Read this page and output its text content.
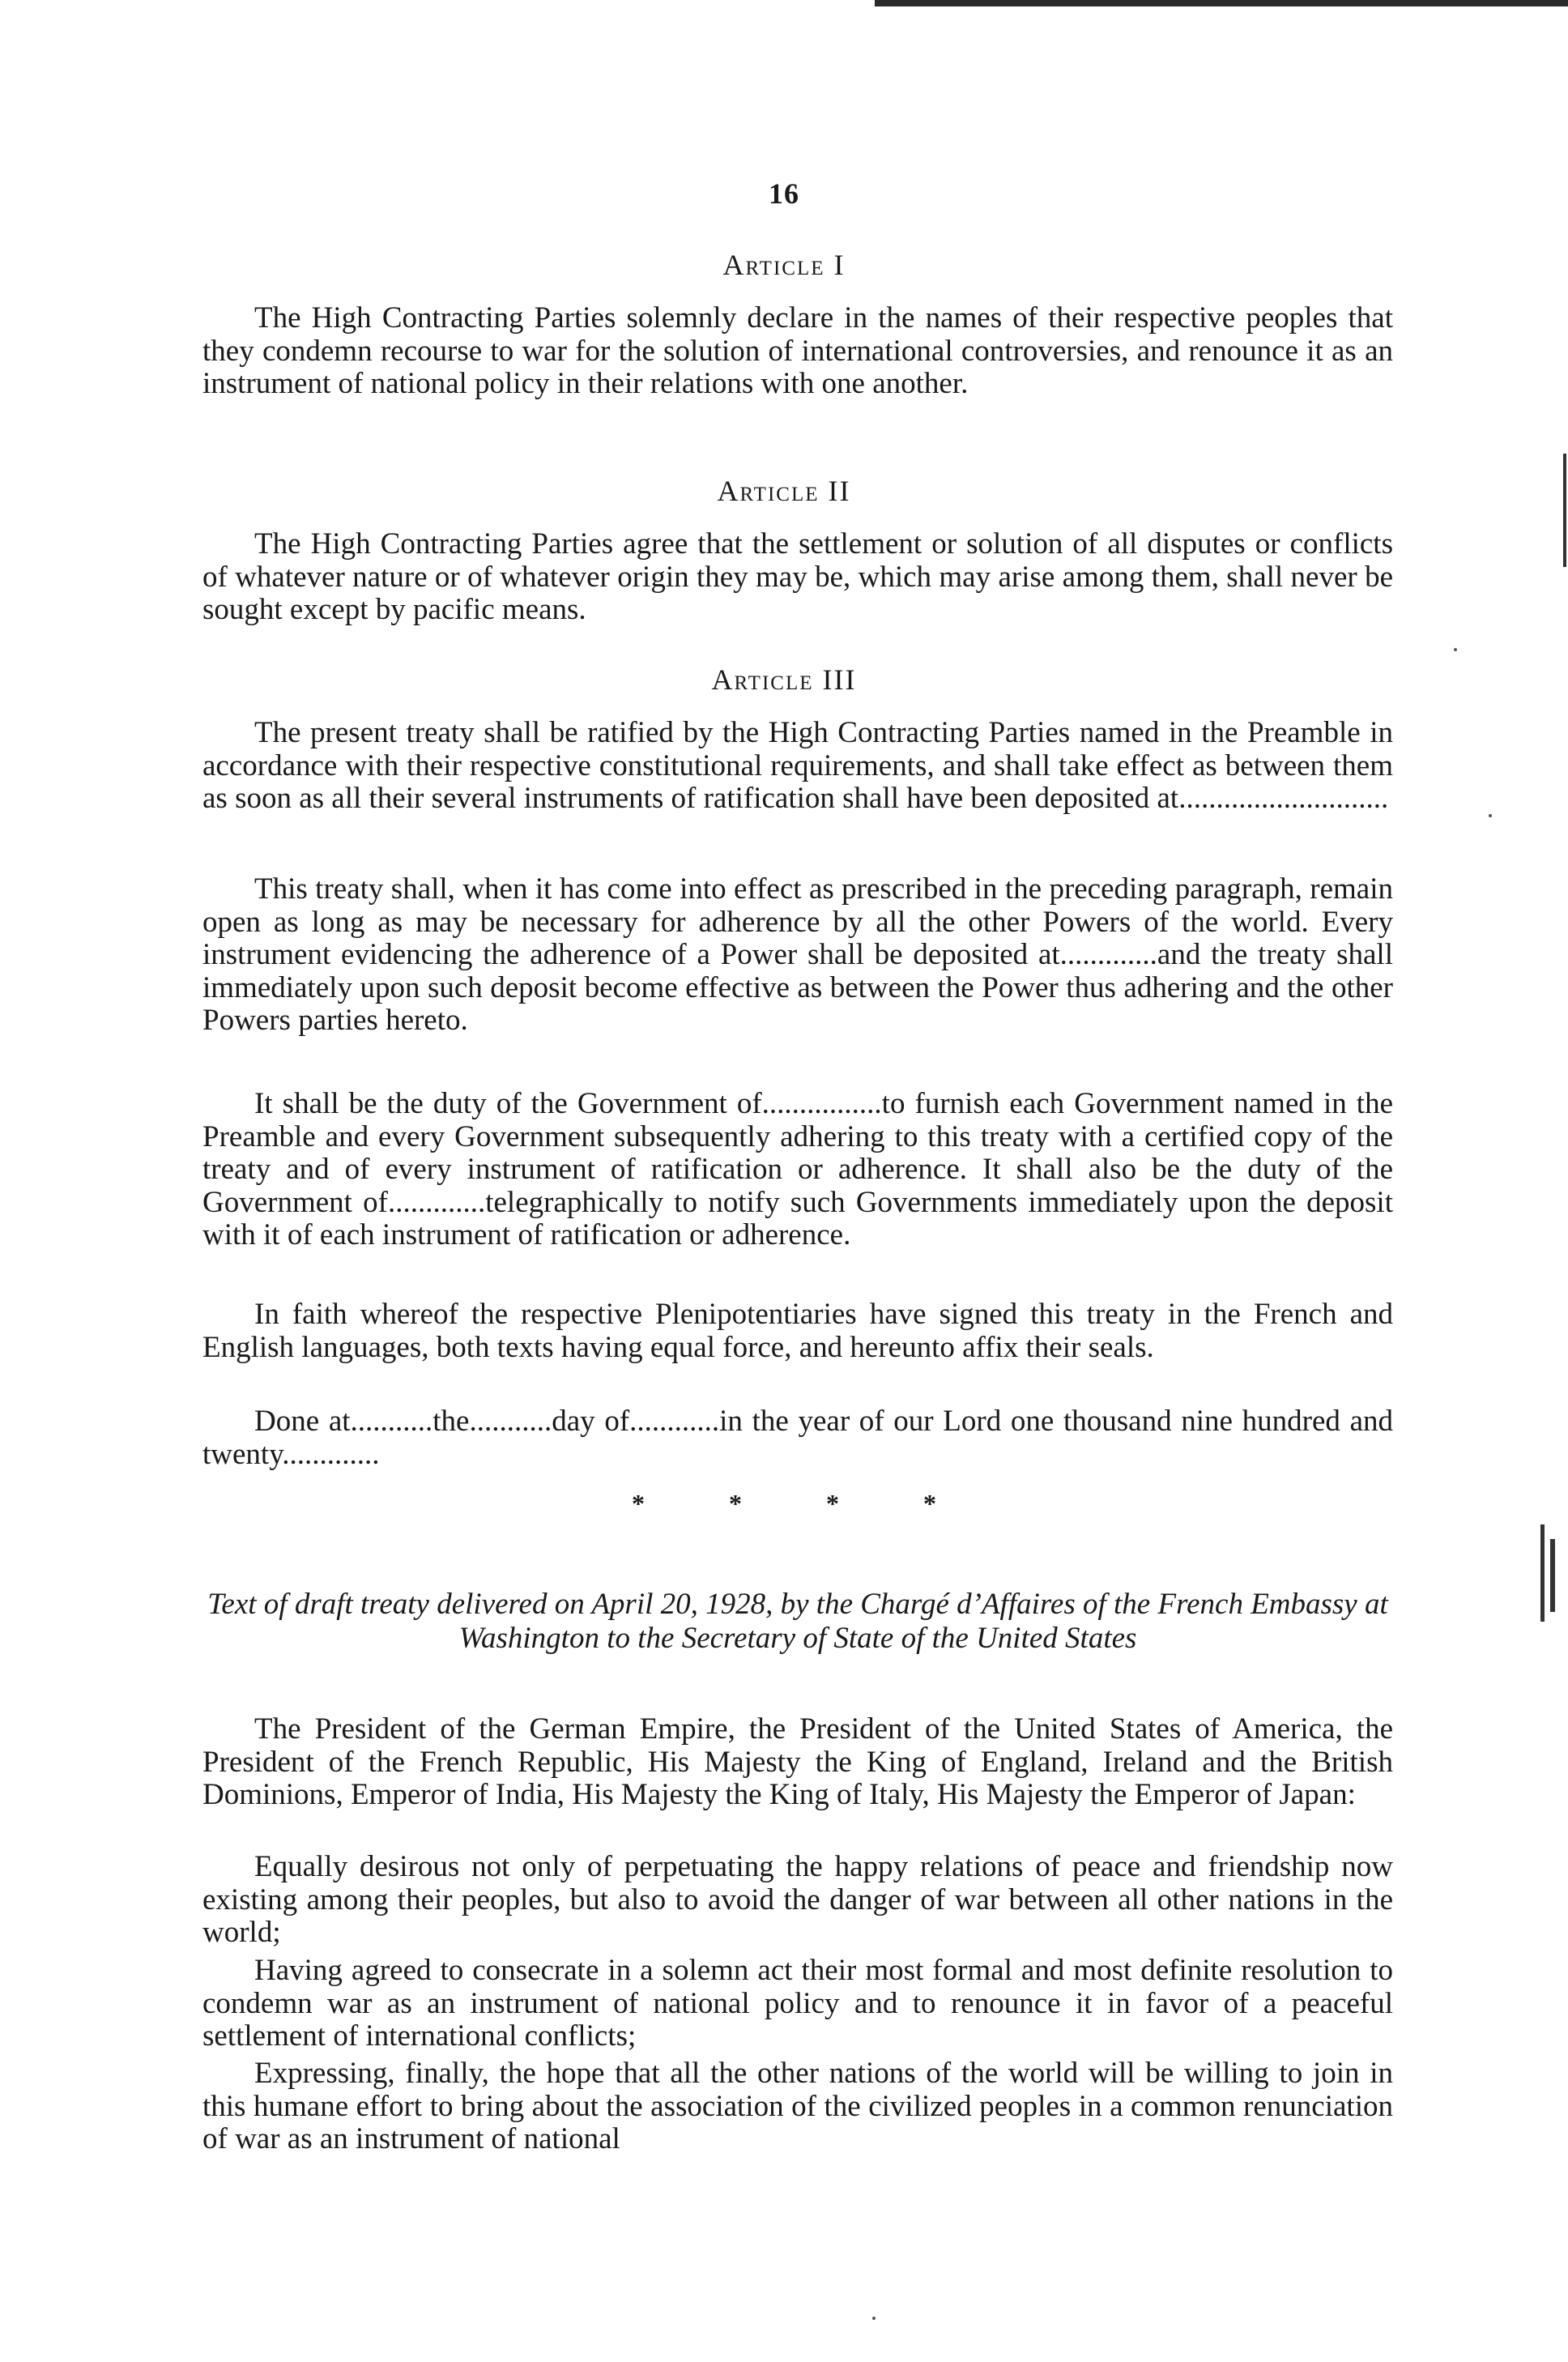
16
Article I

The High Contracting Parties solemnly declare in the names of their respective peoples that they condemn recourse to war for the solution of international controversies, and renounce it as an instrument of national policy in their relations with one another.

Article II

The High Contracting Parties agree that the settlement or solution of all disputes or conflicts of whatever nature or of whatever origin they may be, which may arise among them, shall never be sought except by pacific means.

Article III

The present treaty shall be ratified by the High Contracting Parties named in the Preamble in accordance with their respective constitutional requirements, and shall take effect as between them as soon as all their several instruments of ratification shall have been deposited at............................

This treaty shall, when it has come into effect as prescribed in the preceding paragraph, remain open as long as may be necessary for adherence by all the other Powers of the world. Every instrument evidencing the adherence of a Power shall be deposited at.............and the treaty shall immediately upon such deposit become effective as between the Power thus adhering and the other Powers parties hereto.

It shall be the duty of the Government of................to furnish each Government named in the Preamble and every Government subsequently adhering to this treaty with a certified copy of the treaty and of every instrument of ratification or adherence. It shall also be the duty of the Government of.............telegraphically to notify such Governments immediately upon the deposit with it of each instrument of ratification or adherence.

In faith whereof the respective Plenipotentiaries have signed this treaty in the French and English languages, both texts having equal force, and hereunto affix their seals.

Done at...........the...........day of............in the year of our Lord one thousand nine hundred and twenty.............

* * * *
Text of draft treaty delivered on April 20, 1928, by the Chargé d’Affaires of the French Embassy at Washington to the Secretary of State of the United States

The President of the German Empire, the President of the United States of America, the President of the French Republic, His Majesty the King of England, Ireland and the British Dominions, Emperor of India, His Majesty the King of Italy, His Majesty the Emperor of Japan:

Equally desirous not only of perpetuating the happy relations of peace and friendship now existing among their peoples, but also to avoid the danger of war between all other nations in the world;

Having agreed to consecrate in a solemn act their most formal and most definite resolution to condemn war as an instrument of national policy and to renounce it in favor of a peaceful settlement of international conflicts;

Expressing, finally, the hope that all the other nations of the world will be willing to join in this humane effort to bring about the association of the civilized peoples in a common renunciation of war as an instrument of national
